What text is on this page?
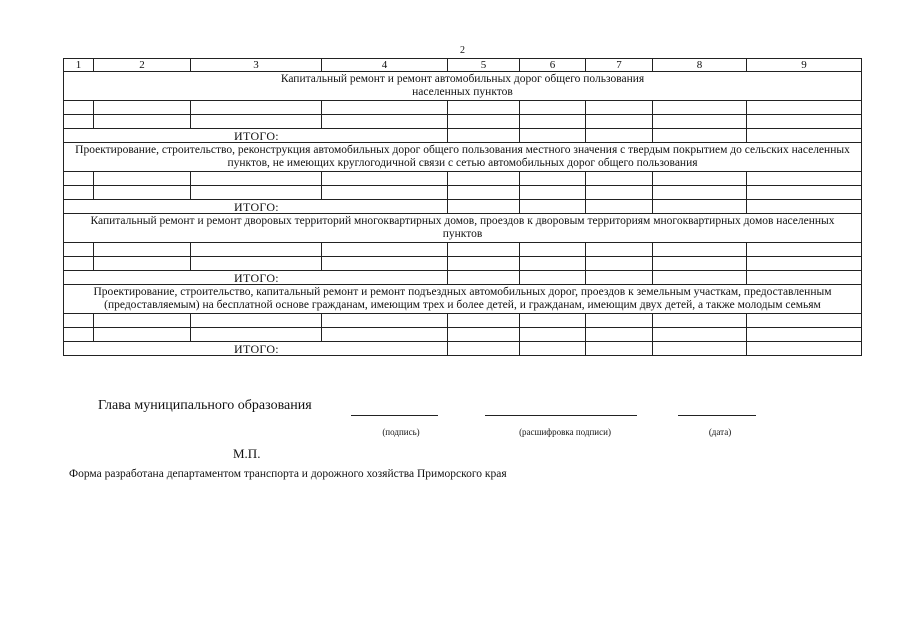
2
1	2	3	4	5	6	7	8	9
Капитальный ремонт и ремонт автомобильных дорог общего пользования населенных пунктов								

ИТОГО:								
Проектирование, строительство, реконструкция автомобильных дорог общего пользования местного значения с твердым покрытием до сельских населенных пунктов, не имеющих круглогодичной связи с сетью автомобильных дорог общего пользования								

ИТОГО:								
Капитальный ремонт и ремонт дворовых территорий многоквартирных домов, проездов к дворовым территориям многоквартирных домов населенных пунктов								

ИТОГО:								
Проектирование, строительство, капитальный ремонт и ремонт подъездных автомобильных дорог, проездов к земельным участкам, предоставленным (предоставляемым) на бесплатной основе гражданам, имеющим трех и более детей, и гражданам, имеющим двух детей, а также молодым семьям								

ИТОГО:								
Глава муниципального образования
(подпись)	(расшифровка подписи)	(дата)
М.П.
Форма разработана департаментом транспорта и дорожного хозяйства Приморского края
